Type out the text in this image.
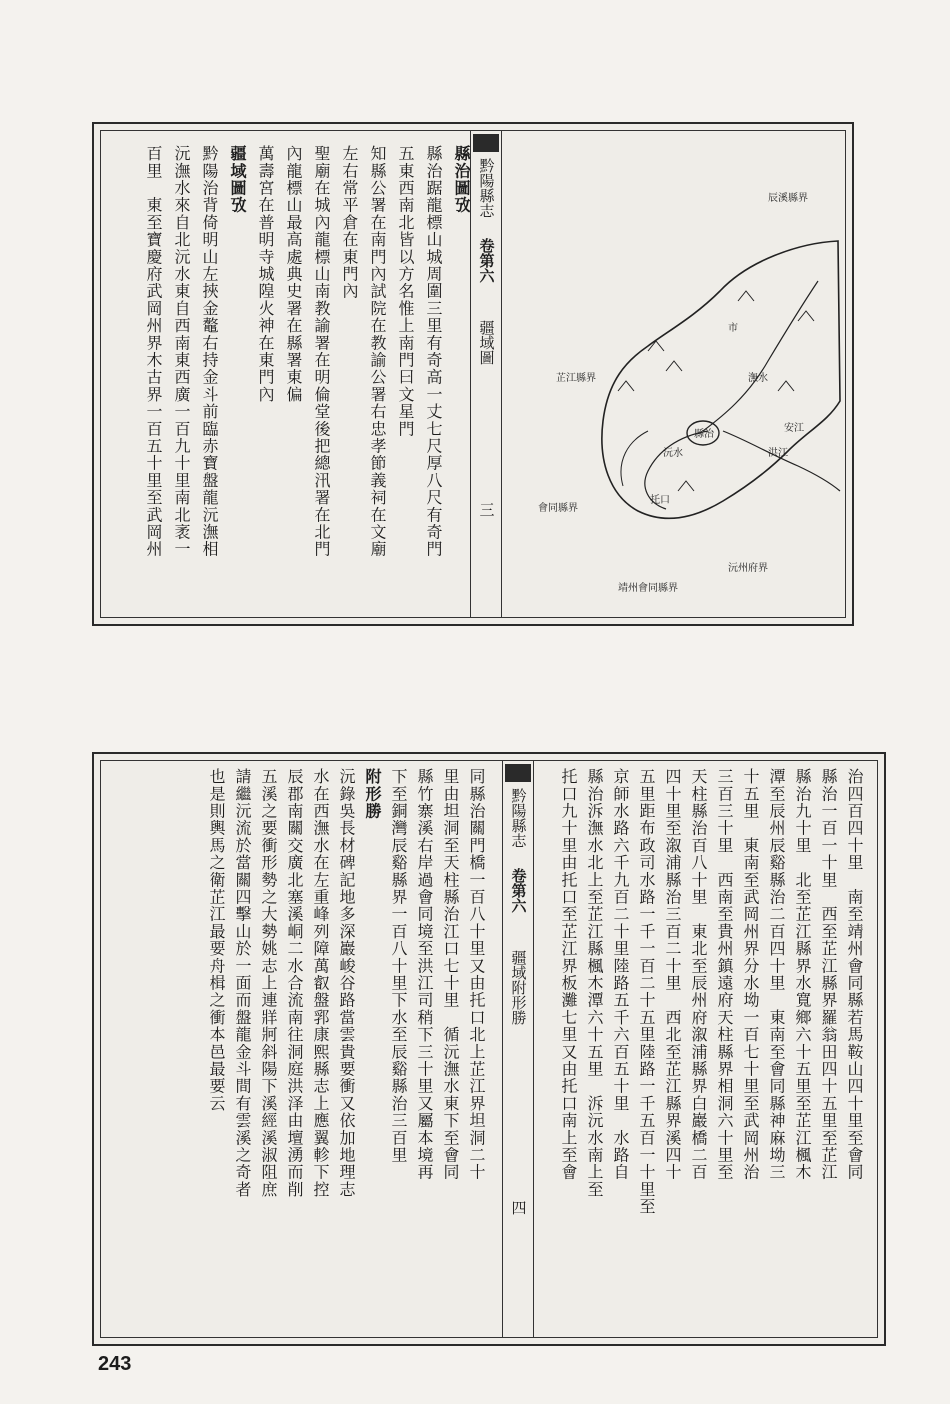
縣治圖攷
縣治踞龍標山城周圍三里有奇高一丈七尺厚八尺有奇門
五東西南北皆以方名惟上南門曰文星門
知縣公署在南門內試院在教諭公署右忠孝節義祠在文廟
左右常平倉在東門內
聖廟在城內龍標山南教諭署在明倫堂後把總汛署在北門
內龍標山最高處典史署在縣署東偏
萬壽宮在普明寺城隍火神在東門內
疆域圖攷
黔陽治背倚明山左挾金鼇右持金斗前臨赤寶盤龍沅潕相
沅潕水來自北沅水東自西南東西廣一百九十里南北袤一
百里　東至寶慶府武岡州界木古界一百五十里至武岡州	黔陽縣志
卷第六
疆域圖
三
縣治
托口
洪江
安江
沅水
潕水
市
芷江縣界
會同縣界
辰溪縣界
靖州會同縣界
沅州府界
治四百四十里　南至靖州會同縣若馬鞍山四十里至會同
縣治一百一十里　西至芷江縣界羅翁田四十五里至芷江
縣治九十里　北至芷江縣界水寬鄉六十五里至芷江楓木
潭至辰州辰谿縣治二百四十里　東南至會同縣神麻坳三
十五里　東南至武岡州界分水坳一百七十里至武岡州治
三百三十里　西南至貴州鎮遠府天柱縣界相洞六十里至
天柱縣治百八十里　東北至辰州府溆浦縣界白巖橋二百
四十里至溆浦縣治三百二十里　西北至芷江縣界溪四十
五里距布政司水路一千一百二十五里陸路一千五百一十里至
京師水路六千九百二十里陸路五千六百五十里　水路自
縣治泝潕水北上至芷江縣楓木潭六十五里　泝沅水南上至
托口九十里由托口至芷江界板灘七里又由托口南上至會
黔陽縣志
卷第六
疆域附形勝
四
同縣治關門橋一百八十里又由托口北上芷江界坦洞二十
里由坦洞至天柱縣治江口七十里　循沅潕水東下至會同
縣竹寨溪右岸過會同境至洪江司稍下三十里又屬本境再
下至銅灣辰谿縣界一百八十里下水至辰谿縣治三百里
附形勝
沅錄吳長材碑記地多深巖峻谷路當雲貴要衝又依加地理志
水在西潕水在左重峰列障萬叡盤郛康熙縣志上應翼軫下控
辰郡南關交廣北塞溪峒二水合流南往洞庭洪泽由壇湧而削
五溪之要衝形勢之大勢姚志上連牂牁斜陽下溪經溪淑阻庶
請繼沅流於當關四擊山於一面而盤龍金斗間有雲溪之奇者
也是則輿馬之衛芷江最要舟楫之衝本邑最要云
243
